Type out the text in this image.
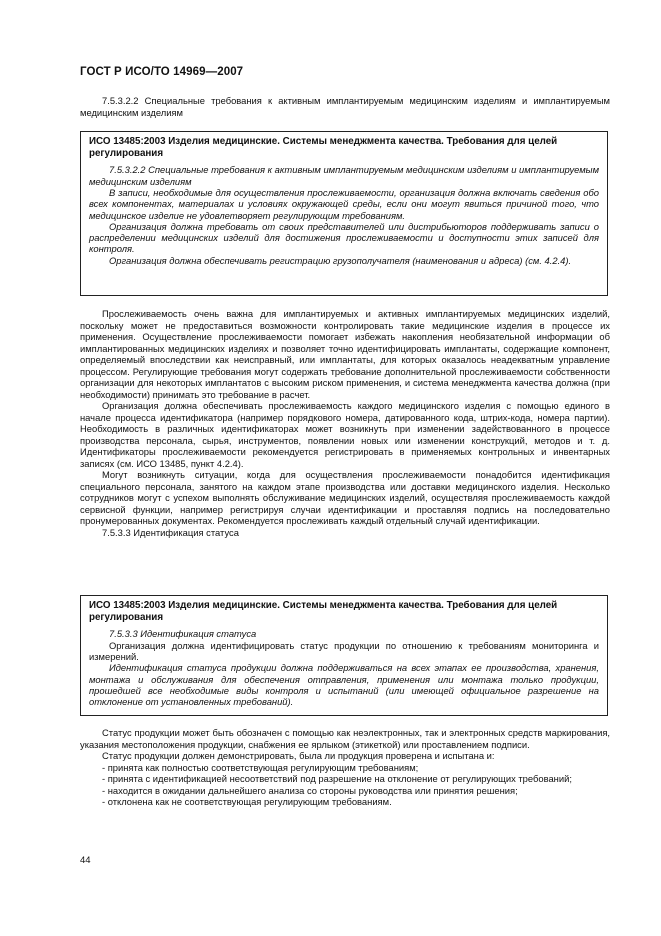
ГОСТ Р ИСО/ТО 14969—2007

7.5.3.2.2 Специальные требования к активным имплантируемым медицинским изделиям и имплантируемым медицинским изделиям

ИСО 13485:2003 Изделия медицинские. Системы менеджмента качества. Требования для целей регулирования

7.5.3.2.2 Специальные требования к активным имплантируемым медицинским изделиям и имплантируемым медицинским изделиям

В записи, необходимые для осуществления прослеживаемости, организация должна включать сведения обо всех компонентах, материалах и условиях окружающей среды, если они могут явиться причиной того, что медицинское изделие не удовлетворяет регулирующим требованиям.

Организация должна требовать от своих представителей или дистрибьюторов поддерживать записи о распределении медицинских изделий для достижения прослеживаемости и доступности этих записей для контроля.

Организация должна обеспечивать регистрацию грузополучателя (наименования и адреса) (см. 4.2.4).

Прослеживаемость очень важна для имплантируемых и активных имплантируемых медицинских изделий, поскольку может не предоставиться возможности контролировать такие медицинские изделия в процессе их применения. Осуществление прослеживаемости помогает избежать накопления необязательной информации об имплантированных медицинских изделиях и позволяет точно идентифицировать имплантаты, содержащие компонент, определяемый впоследствии как неисправный, или имплантаты, для которых оказалось неадекватным управление процессом. Регулирующие требования могут содержать требование дополнительной прослеживаемости собственности организации для некоторых имплантатов с высоким риском применения, и система менеджмента качества должна (при необходимости) принимать это требование в расчет.

Организация должна обеспечивать прослеживаемость каждого медицинского изделия с помощью единого в начале процесса идентификатора (например порядкового номера, датированного кода, штрих-кода, номера партии). Необходимость в различных идентификаторах может возникнуть при изменении задействованного в процессе производства персонала, сырья, инструментов, появлении новых или изменении конструкций, методов и т. д. Идентификаторы прослеживаемости рекомендуется регистрировать в применяемых контрольных и инвентарных записях (см. ИСО 13485, пункт 4.2.4).

Могут возникнуть ситуации, когда для осуществления прослеживаемости понадобится идентификация специального персонала, занятого на каждом этапе производства или доставки медицинского изделия. Несколько сотрудников могут с успехом выполнять обслуживание медицинских изделий, осуществляя прослеживаемость каждой сервисной функции, например регистрируя случаи идентификации и проставляя подпись на последовательно пронумерованных документах. Рекомендуется прослеживать каждый отдельный случай идентификации.

7.5.3.3 Идентификация статуса

ИСО 13485:2003 Изделия медицинские. Системы менеджмента качества. Требования для целей регулирования

7.5.3.3 Идентификация статуса

Организация должна идентифицировать статус продукции по отношению к требованиям мониторинга и измерений.

Идентификация статуса продукции должна поддерживаться на всех этапах ее производства, хранения, монтажа и обслуживания для обеспечения отправления, применения или монтажа только продукции, прошедшей все необходимые виды контроля и испытаний (или имеющей официальное разрешение на отклонение от установленных требований).

Статус продукции может быть обозначен с помощью как неэлектронных, так и электронных средств маркирования, указания местоположения продукции, снабжения ее ярлыком (этикеткой) или проставлением подписи.

Статус продукции должен демонстрировать, была ли продукция проверена и испытана и:

- принята как полностью соответствующая регулирующим требованиям;
- принята с идентификацией несоответствий под разрешение на отклонение от регулирующих требований;
- находится в ожидании дальнейшего анализа со стороны руководства или принятия решения;
- отклонена как не соответствующая регулирующим требованиям.
44
